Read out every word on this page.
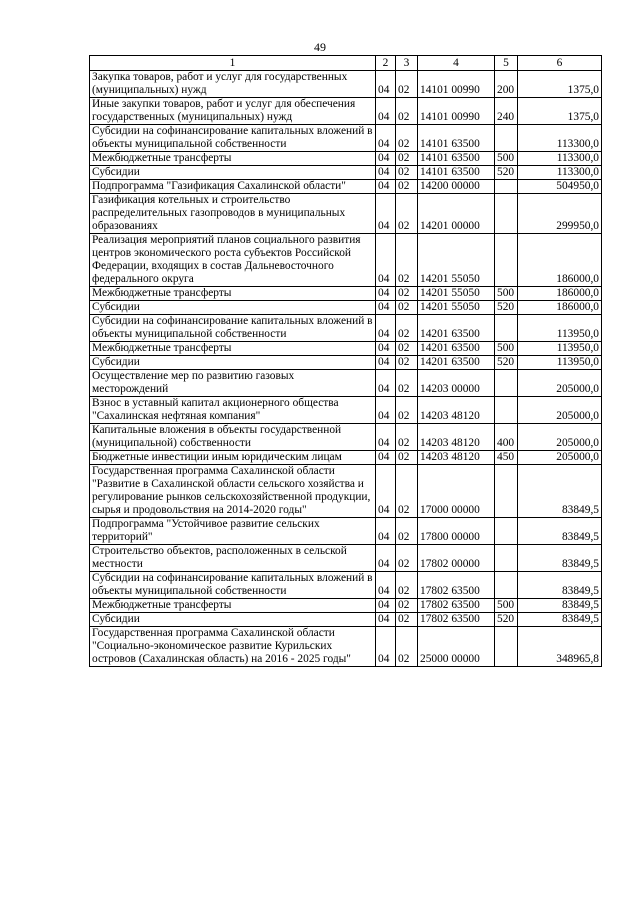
49
1	2	3	4	5	6
Закупка товаров, работ и услуг для государственных (муниципальных) нужд	04	02	14101 00990	200	1375,0
Иные закупки товаров, работ и услуг для обеспечения государственных (муниципальных) нужд	04	02	14101 00990	240	1375,0
Субсидии на софинансирование капитальных вложений в объекты муниципальной собственности	04	02	14101 63500		113300,0
Межбюджетные трансферты	04	02	14101 63500	500	113300,0
Субсидии	04	02	14101 63500	520	113300,0
Подпрограмма "Газификация Сахалинской области"	04	02	14200 00000		504950,0
Газификация котельных и строительство распределительных газопроводов в муниципальных образованиях	04	02	14201 00000		299950,0
Реализация мероприятий планов социального развития центров экономического роста субъектов Российской Федерации, входящих в состав Дальневосточного федерального округа	04	02	14201 55050		186000,0
Межбюджетные трансферты	04	02	14201 55050	500	186000,0
Субсидии	04	02	14201 55050	520	186000,0
Субсидии на софинансирование капитальных вложений в объекты муниципальной собственности	04	02	14201 63500		113950,0
Межбюджетные трансферты	04	02	14201 63500	500	113950,0
Субсидии	04	02	14201 63500	520	113950,0
Осуществление мер по развитию газовых месторождений	04	02	14203 00000		205000,0
Взнос в уставный капитал акционерного общества "Сахалинская нефтяная компания"	04	02	14203 48120		205000,0
Капитальные вложения в объекты государственной (муниципальной) собственности	04	02	14203 48120	400	205000,0
Бюджетные инвестиции иным юридическим лицам	04	02	14203 48120	450	205000,0
Государственная программа Сахалинской области "Развитие в Сахалинской области сельского хозяйства и регулирование рынков сельскохозяйственной продукции, сырья и продовольствия на 2014-2020 годы"	04	02	17000 00000		83849,5
Подпрограмма "Устойчивое развитие сельских территорий"	04	02	17800 00000		83849,5
Строительство объектов, расположенных в сельской местности	04	02	17802 00000		83849,5
Субсидии на софинансирование капитальных вложений в объекты муниципальной собственности	04	02	17802 63500		83849,5
Межбюджетные трансферты	04	02	17802 63500	500	83849,5
Субсидии	04	02	17802 63500	520	83849,5
Государственная программа Сахалинской области "Социально-экономическое развитие Курильских островов (Сахалинская область) на 2016 - 2025 годы"	04	02	25000 00000		348965,8
